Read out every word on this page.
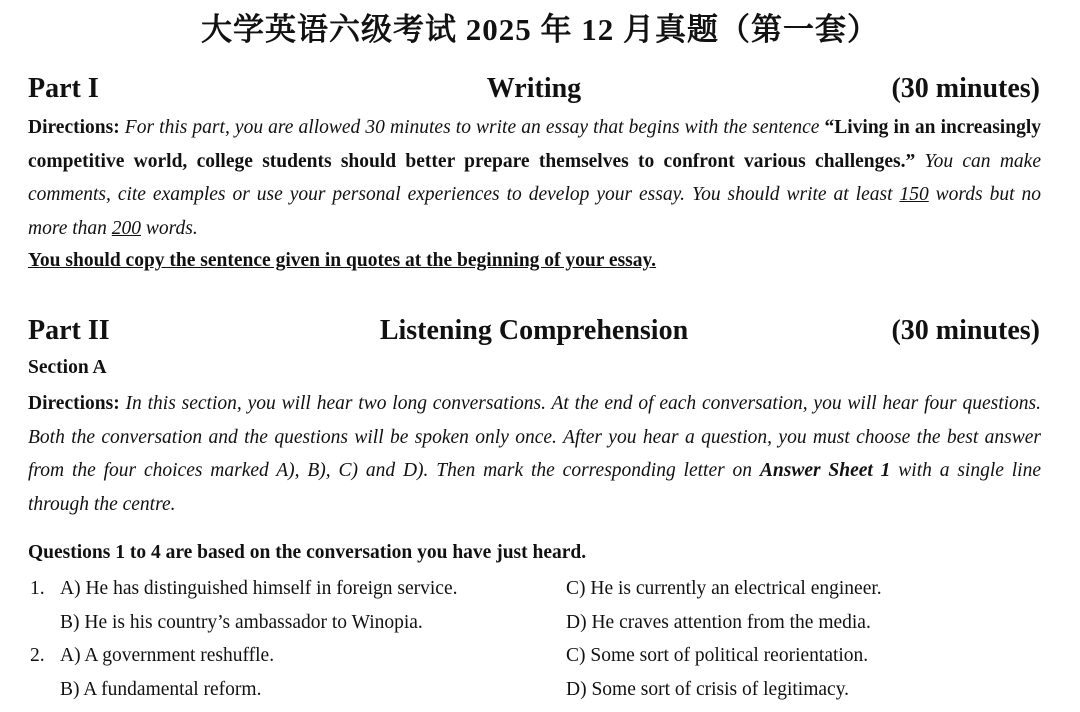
大学英语六级考试 2025 年 12 月真题（第一套）
Part I	Writing	(30 minutes)
Directions: For this part, you are allowed 30 minutes to write an essay that begins with the sentence “Living in an increasingly competitive world, college students should better prepare themselves to confront various challenges.” You can make comments, cite examples or use your personal experiences to develop your essay. You should write at least 150 words but no more than 200 words.
You should copy the sentence given in quotes at the beginning of your essay.
Part II	Listening Comprehension	(30 minutes)
Section A
Directions: In this section, you will hear two long conversations. At the end of each conversation, you will hear four questions. Both the conversation and the questions will be spoken only once. After you hear a question, you must choose the best answer from the four choices marked A), B), C) and D). Then mark the corresponding letter on Answer Sheet 1 with a single line through the centre.
Questions 1 to 4 are based on the conversation you have just heard.
1. A) He has distinguished himself in foreign service.	C) He is currently an electrical engineer.
B) He is his country’s ambassador to Winopia.	D) He craves attention from the media.
2. A) A government reshuffle.	C) Some sort of political reorientation.
B) A fundamental reform.	D) Some sort of crisis of legitimacy.
